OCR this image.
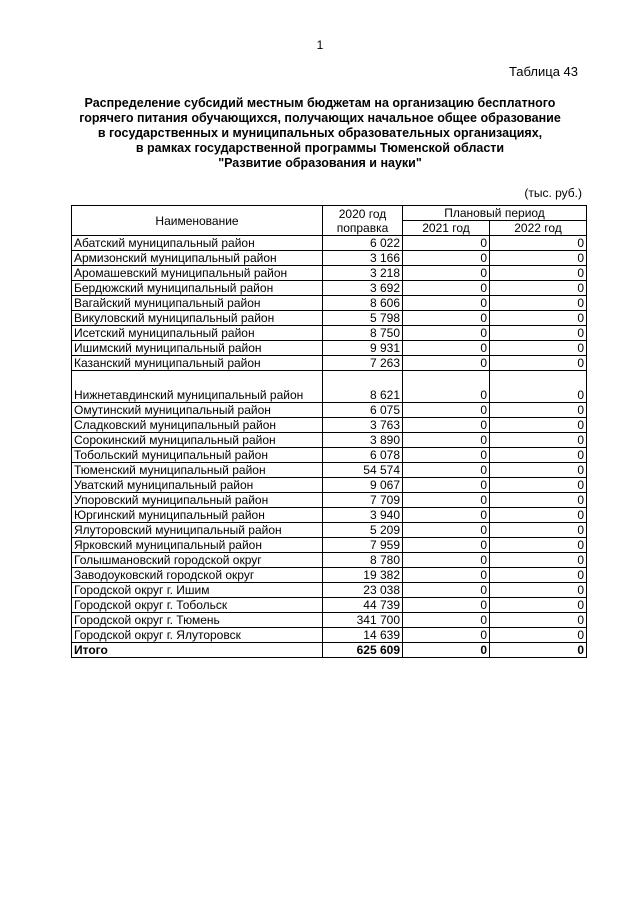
1
Таблица 43
Распределение субсидий местным бюджетам на организацию бесплатного
горячего питания обучающихся, получающих начальное общее образование
в государственных и муниципальных образовательных организациях,
в рамках государственной программы Тюменской области
"Развитие образования и науки"
(тыс. руб.)
Наименование	2020 год поправка	Плановый период	
		2021 год	2022 год
Абатский муниципальный район	6 022	0	0
Армизонский муниципальный район	3 166	0	0
Аромашевский муниципальный район	3 218	0	0
Бердюжский муниципальный район	3 692	0	0
Вагайский муниципальный район	8 606	0	0
Викуловский муниципальный район	5 798	0	0
Исетский муниципальный район	8 750	0	0
Ишимский муниципальный район	9 931	0	0
Казанский муниципальный район	7 263	0	0
Нижнетавдинский муниципальный район	8 621	0	0
Омутинский муниципальный район	6 075	0	0
Сладковский муниципальный район	3 763	0	0
Сорокинский муниципальный район	3 890	0	0
Тобольский муниципальный район	6 078	0	0
Тюменский муниципальный район	54 574	0	0
Уватский муниципальный район	9 067	0	0
Упоровский муниципальный район	7 709	0	0
Юргинский муниципальный район	3 940	0	0
Ялуторовский муниципальный район	5 209	0	0
Ярковский муниципальный район	7 959	0	0
Голышмановский городской округ	8 780	0	0
Заводоуковский городской округ	19 382	0	0
Городской округ г. Ишим	23 038	0	0
Городской округ г. Тобольск	44 739	0	0
Городской округ г. Тюмень	341 700	0	0
Городской округ г. Ялуторовск	14 639	0	0
Итого	625 609	0	0
